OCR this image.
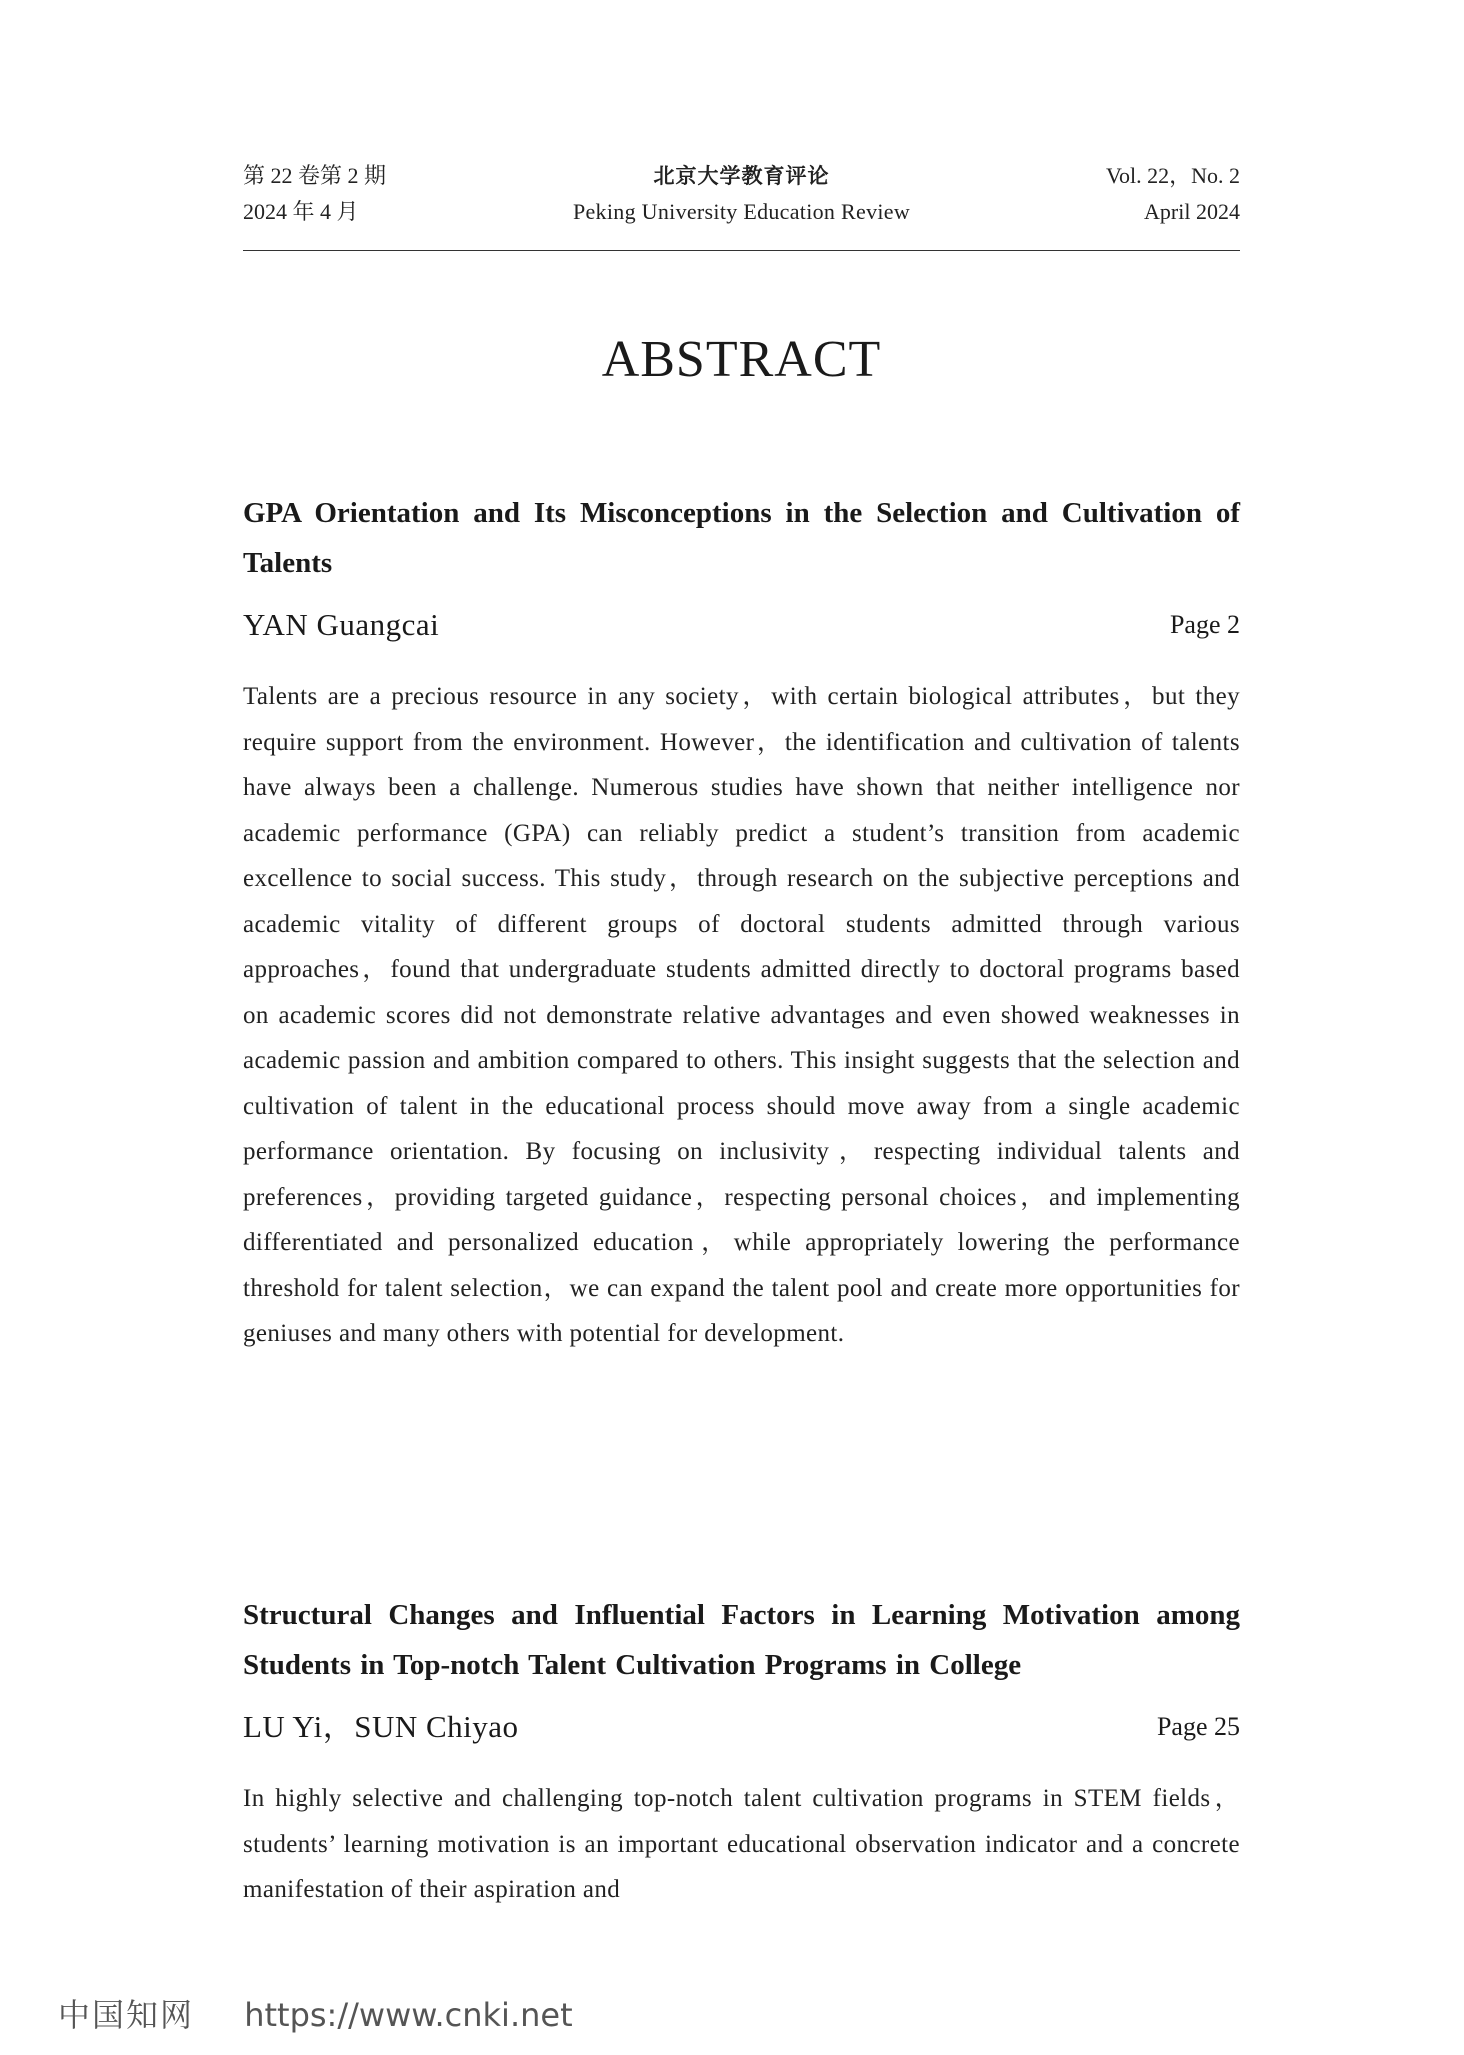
第 22 卷第 2 期
2024 年 4 月
北京大学教育评论
Peking University Education Review
Vol. 22，No. 2
April 2024
ABSTRACT
GPA Orientation and Its Misconceptions in the Selection and Cultivation of Talents
YAN Guangcai	Page 2

Talents are a precious resource in any society，with certain biological attributes，but they require support from the environment. However，the identification and cultivation of talents have always been a challenge. Numerous studies have shown that neither intelligence nor academic performance (GPA) can reliably predict a student’s transition from academic excellence to social success. This study，through research on the subjective perceptions and academic vitality of different groups of doctoral students admitted through various approaches，found that undergraduate students admitted directly to doctoral programs based on academic scores did not demonstrate relative advantages and even showed weaknesses in academic passion and ambition compared to others. This insight suggests that the selection and cultivation of talent in the educational process should move away from a single academic performance orientation. By focusing on inclusivity，respecting individual talents and preferences，providing targeted guidance，respecting personal choices，and implementing differentiated and personalized education，while appropriately lowering the performance threshold for talent selection，we can expand the talent pool and create more opportunities for geniuses and many others with potential for development.

Structural Changes and Influential Factors in Learning Motivation among Students in Top-notch Talent Cultivation Programs in College
LU Yi，SUN Chiyao	Page 25

In highly selective and challenging top-notch talent cultivation programs in STEM fields，students’ learning motivation is an important educational observation indicator and a concrete manifestation of their aspiration and

中国知网 https://www.cnki.net
